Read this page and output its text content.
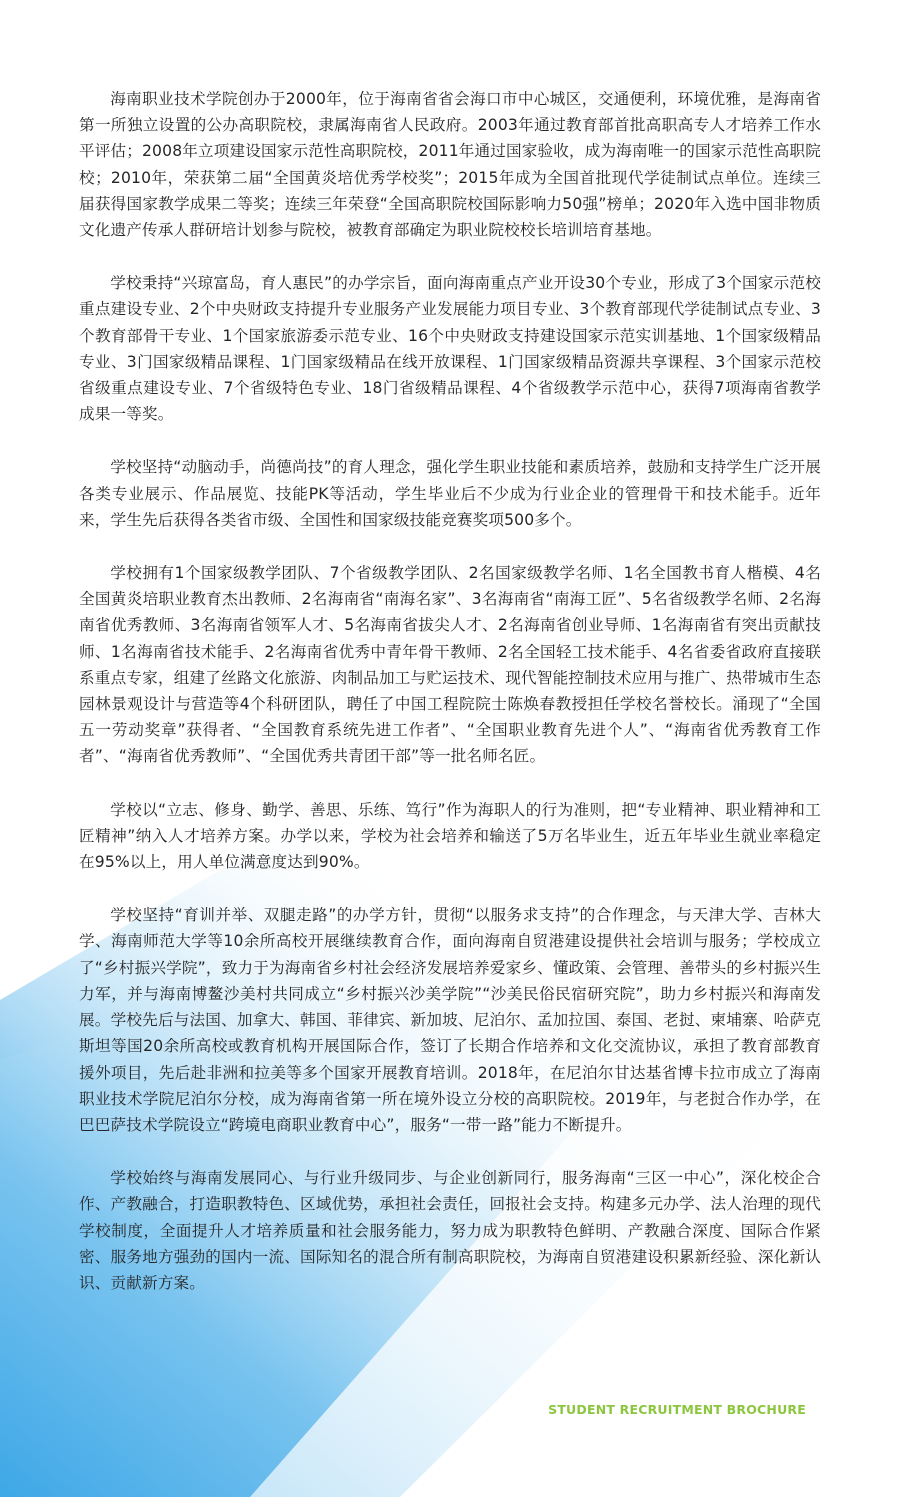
海南职业技术学院创办于2000年，位于海南省省会海口市中心城区，交通便利，环境优雅，是海南省第一所独立设置的公办高职院校，隶属海南省人民政府。2003年通过教育部首批高职高专人才培养工作水平评估；2008年立项建设国家示范性高职院校，2011年通过国家验收，成为海南唯一的国家示范性高职院校；2010年，荣获第二届“全国黄炎培优秀学校奖”；2015年成为全国首批现代学徒制试点单位。连续三届获得国家教学成果二等奖；连续三年荣登“全国高职院校国际影响力50强”榜单；2020年入选中国非物质文化遗产传承人群研培计划参与院校，被教育部确定为职业院校校长培训培育基地。

学校秉持“兴琼富岛，育人惠民”的办学宗旨，面向海南重点产业开设30个专业，形成了3个国家示范校重点建设专业、2个中央财政支持提升专业服务产业发展能力项目专业、3个教育部现代学徒制试点专业、3个教育部骨干专业、1个国家旅游委示范专业、16个中央财政支持建设国家示范实训基地、1个国家级精品专业、3门国家级精品课程、1门国家级精品在线开放课程、1门国家级精品资源共享课程、3个国家示范校省级重点建设专业、7个省级特色专业、18门省级精品课程、4个省级教学示范中心，获得7项海南省教学成果一等奖。

学校坚持“动脑动手，尚德尚技”的育人理念，强化学生职业技能和素质培养，鼓励和支持学生广泛开展各类专业展示、作品展览、技能PK等活动，学生毕业后不少成为行业企业的管理骨干和技术能手。近年来，学生先后获得各类省市级、全国性和国家级技能竞赛奖项500多个。

学校拥有1个国家级教学团队、7个省级教学团队、2名国家级教学名师、1名全国教书育人楷模、4名全国黄炎培职业教育杰出教师、2名海南省“南海名家”、3名海南省“南海工匠”、5名省级教学名师、2名海南省优秀教师、3名海南省领军人才、5名海南省拔尖人才、2名海南省创业导师、1名海南省有突出贡献技师、1名海南省技术能手、2名海南省优秀中青年骨干教师、2名全国轻工技术能手、4名省委省政府直接联系重点专家，组建了丝路文化旅游、肉制品加工与贮运技术、现代智能控制技术应用与推广、热带城市生态园林景观设计与营造等4个科研团队，聘任了中国工程院院士陈焕春教授担任学校名誉校长。涌现了“全国五一劳动奖章”获得者、“全国教育系统先进工作者”、“全国职业教育先进个人”、“海南省优秀教育工作者”、“海南省优秀教师”、“全国优秀共青团干部”等一批名师名匠。

学校以“立志、修身、勤学、善思、乐练、笃行”作为海职人的行为准则，把“专业精神、职业精神和工匠精神”纳入人才培养方案。办学以来，学校为社会培养和输送了5万名毕业生，近五年毕业生就业率稳定在95%以上，用人单位满意度达到90%。

学校坚持“育训并举、双腿走路”的办学方针，贯彻“以服务求支持”的合作理念，与天津大学、吉林大学、海南师范大学等10余所高校开展继续教育合作，面向海南自贸港建设提供社会培训与服务；学校成立了“乡村振兴学院”，致力于为海南省乡村社会经济发展培养爱家乡、懂政策、会管理、善带头的乡村振兴生力军，并与海南博鳌沙美村共同成立“乡村振兴沙美学院”“沙美民俗民宿研究院”，助力乡村振兴和海南发展。学校先后与法国、加拿大、韩国、菲律宾、新加坡、尼泊尔、孟加拉国、泰国、老挝、柬埔寨、哈萨克斯坦等国20余所高校或教育机构开展国际合作，签订了长期合作培养和文化交流协议，承担了教育部教育援外项目，先后赴非洲和拉美等多个国家开展教育培训。2018年，在尼泊尔甘达基省博卡拉市成立了海南职业技术学院尼泊尔分校，成为海南省第一所在境外设立分校的高职院校。2019年，与老挝合作办学，在巴巴萨技术学院设立“跨境电商职业教育中心”，服务“一带一路”能力不断提升。

学校始终与海南发展同心、与行业升级同步、与企业创新同行，服务海南“三区一中心”，深化校企合作、产教融合，打造职教特色、区域优势，承担社会责任，回报社会支持。构建多元办学、法人治理的现代学校制度，全面提升人才培养质量和社会服务能力，努力成为职教特色鲜明、产教融合深度、国际合作紧密、服务地方强劲的国内一流、国际知名的混合所有制高职院校，为海南自贸港建设积累新经验、深化新认识、贡献新方案。

STUDENT RECRUITMENT BROCHURE
